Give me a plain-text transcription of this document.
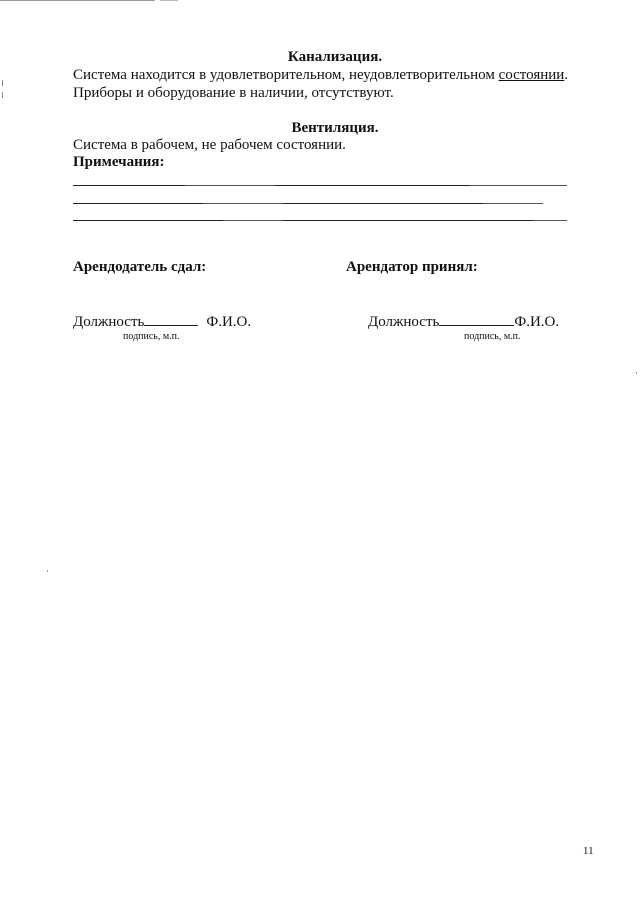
Канализация.
Система находится в удовлетворительном, неудовлетворительном состоянии.
Приборы и оборудование в наличии, отсутствуют.
Вентиляция.
Система в рабочем, не рабочем состоянии.
Примечания:
Арендодатель сдал:
Должность	Ф.И.О.
подпись, м.п.
Арендатор принял:
Должность	Ф.И.О.
подпись, м.п.
11
